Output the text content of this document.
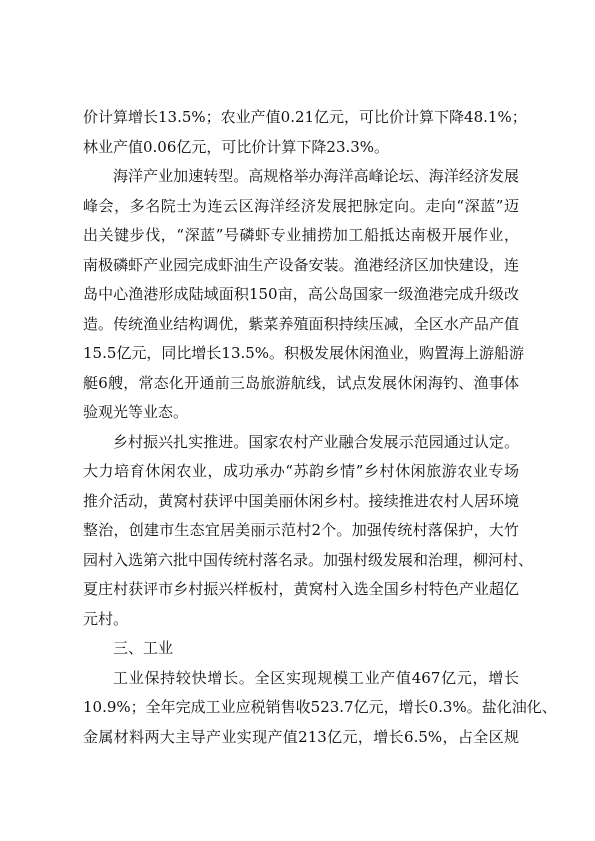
价计算增长13.5%；农业产值0.21亿元，可比价计算下降48.1%；
林业产值0.06亿元，可比价计算下降23.3%。
海洋产业加速转型。高规格举办海洋高峰论坛、海洋经济发展
峰会，多名院士为连云区海洋经济发展把脉定向。走向“深蓝”迈
出关键步伐，“深蓝”号磷虾专业捕捞加工船抵达南极开展作业，
南极磷虾产业园完成虾油生产设备安装。渔港经济区加快建设，连
岛中心渔港形成陆域面积150亩，高公岛国家一级渔港完成升级改
造。传统渔业结构调优，紫菜养殖面积持续压减，全区水产品产值
15.5亿元，同比增长13.5%。积极发展休闲渔业，购置海上游船游
艇6艘，常态化开通前三岛旅游航线，试点发展休闲海钓、渔事体
验观光等业态。
乡村振兴扎实推进。国家农村产业融合发展示范园通过认定。
大力培育休闲农业，成功承办“苏韵乡情”乡村休闲旅游农业专场
推介活动，黄窝村获评中国美丽休闲乡村。接续推进农村人居环境
整治，创建市生态宜居美丽示范村2个。加强传统村落保护，大竹
园村入选第六批中国传统村落名录。加强村级发展和治理，柳河村、
夏庄村获评市乡村振兴样板村，黄窝村入选全国乡村特色产业超亿
元村。
三、工业
工业保持较快增长。全区实现规模工业产值467亿元，增长
10.9%；全年完成工业应税销售收523.7亿元，增长0.3%。盐化油化、
金属材料两大主导产业实现产值213亿元，增长6.5%，占全区规
